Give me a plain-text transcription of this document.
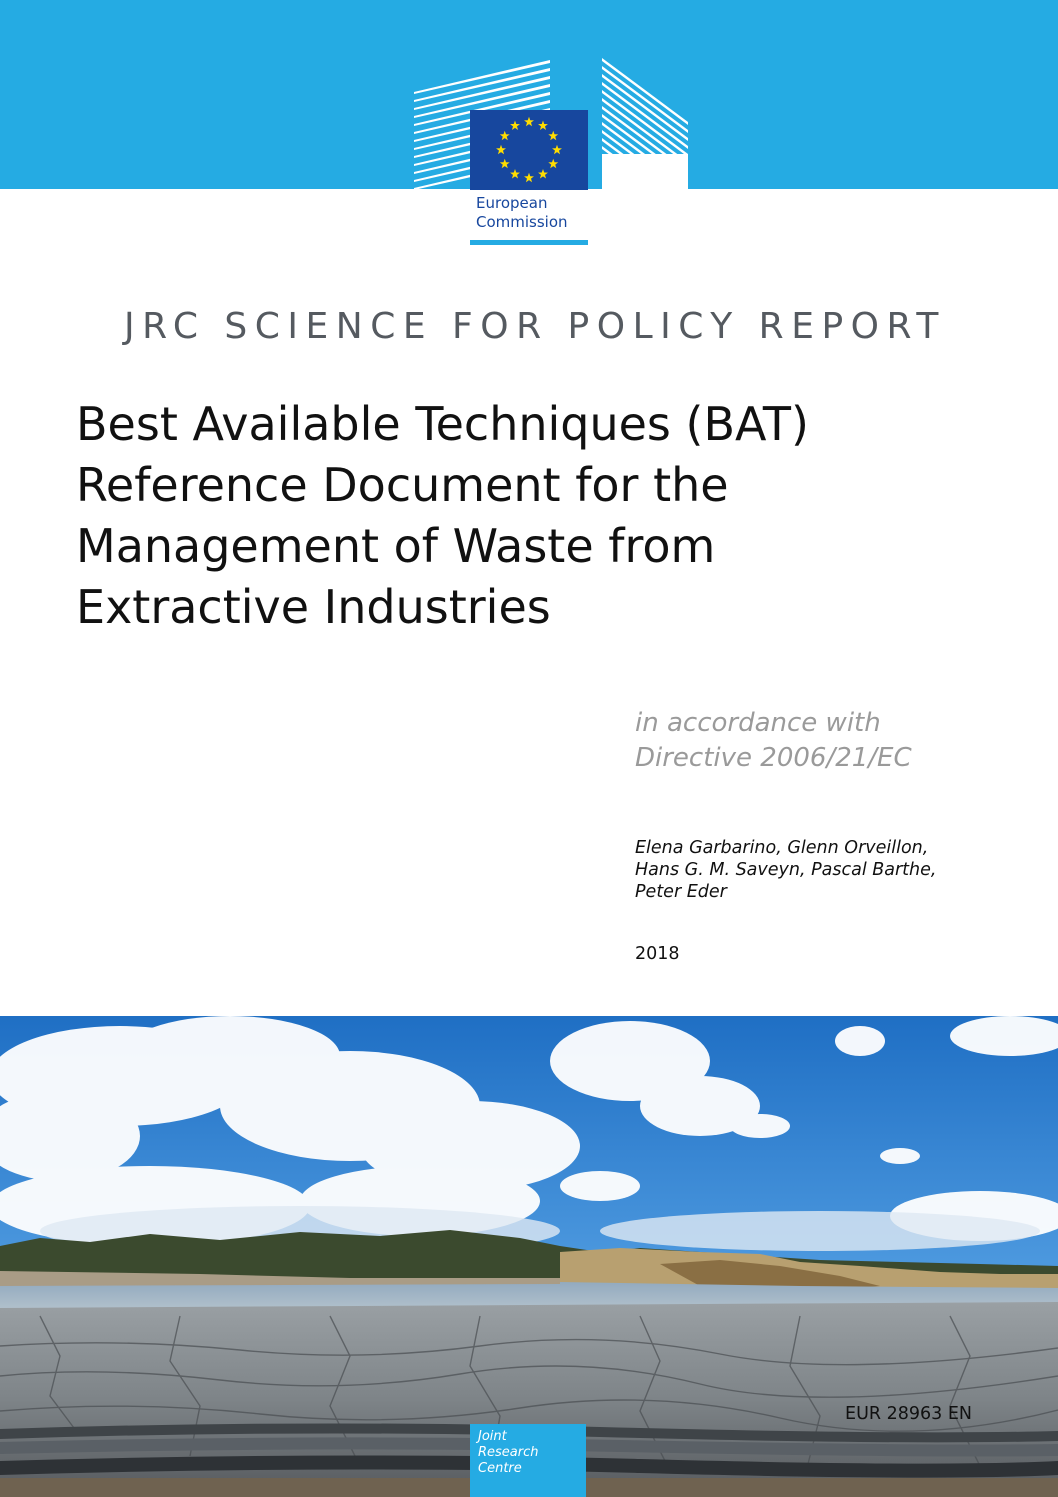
European
Commission
JRC SCIENCE FOR POLICY REPORT
Best Available Techniques (BAT)
Reference Document for the
Management of Waste from
Extractive Industries
in accordance with
Directive 2006/21/EC
Elena Garbarino, Glenn Orveillon,
Hans G. M. Saveyn, Pascal Barthe,
Peter Eder
2018
EUR 28963 EN
Joint
Research
Centre
